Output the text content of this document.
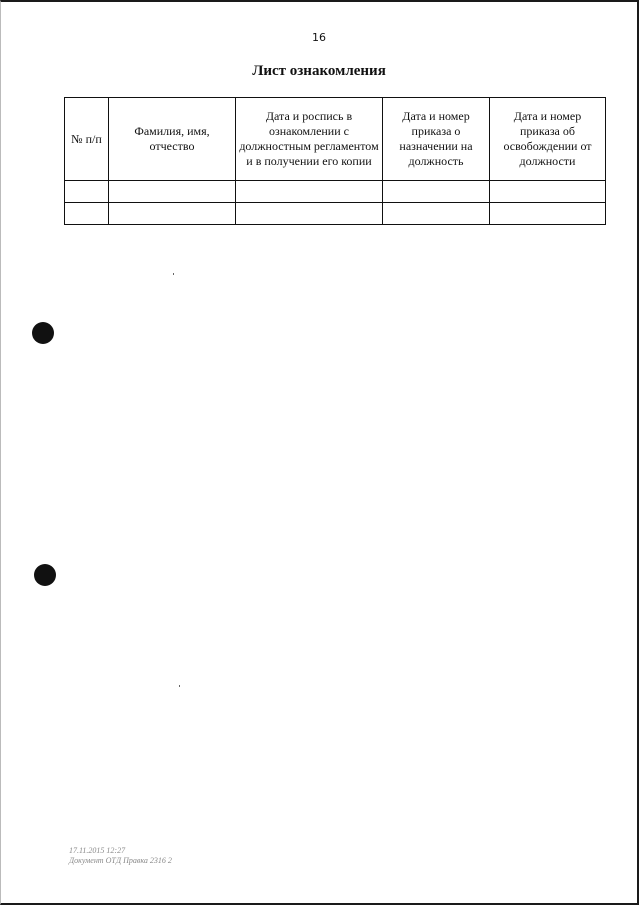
16
Лист ознакомления
№ п/п	Фамилия, имя, отчество	Дата и роспись в ознакомлении с должностным регламентом и в получении его копии	Дата и номер приказа о назначении на должность	Дата и номер приказа об освобождении от должности

17.11.2015 12:27
Документ ОТД Правка 2316 2
